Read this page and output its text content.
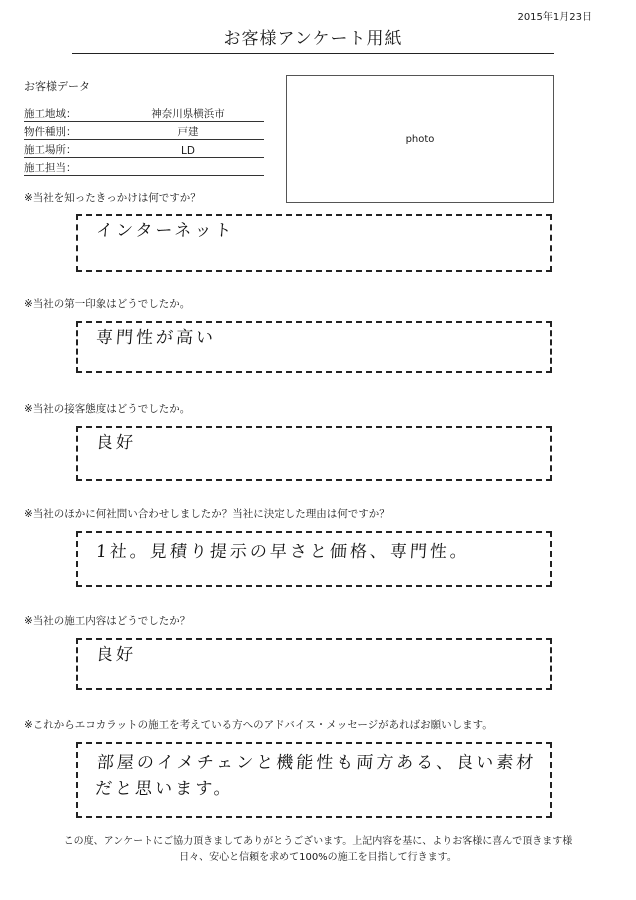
2015年1月23日
お客様アンケート用紙
お客様データ
施工地域：	神奈川県横浜市
物件種別：	戸建
施工場所：	LD
施工担当：
photo
※当社を知ったきっかけは何ですか？
インターネット
※当社の第一印象はどうでしたか。
専門性が高い
※当社の接客態度はどうでしたか。
良好
※当社のほかに何社問い合わせしましたか？当社に決定した理由は何ですか？
1社。見積り提示の早さと価格、専門性。
※当社の施工内容はどうでしたか？
良好
※これからエコカラットの施工を考えている方へのアドバイス・メッセージがあればお願いします。
部屋のイメチェンと機能性も両方ある、良い素材だと思います。
この度、アンケートにご協力頂きましてありがとうございます。上記内容を基に、よりお客様に喜んで頂きます様
日々、安心と信頼を求めて100%の施工を目指して行きます。
